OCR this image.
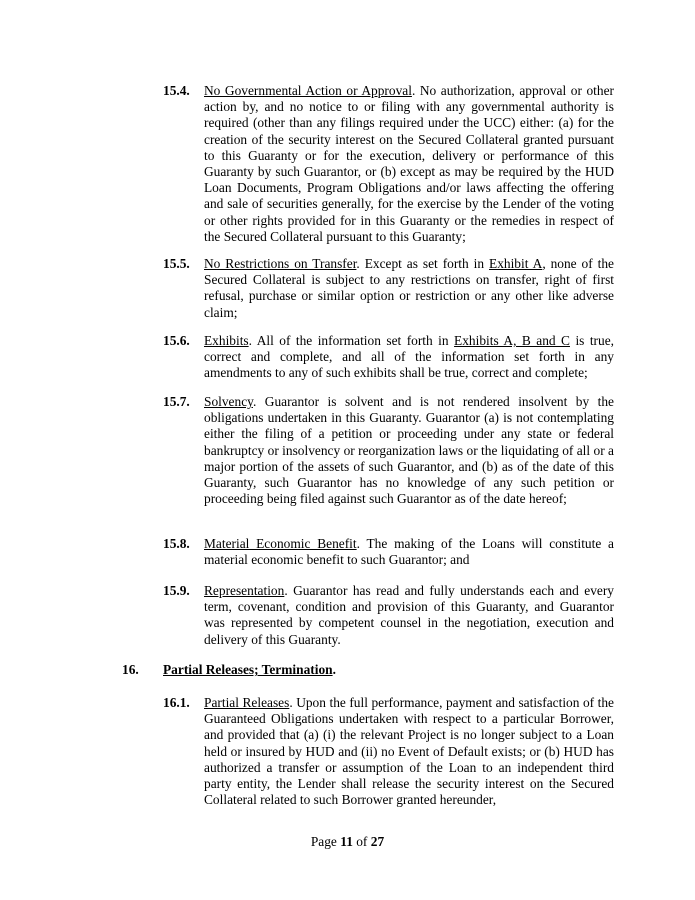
15.4. No Governmental Action or Approval. No authorization, approval or other action by, and no notice to or filing with any governmental authority is required (other than any filings required under the UCC) either: (a) for the creation of the security interest on the Secured Collateral granted pursuant to this Guaranty or for the execution, delivery or performance of this Guaranty by such Guarantor, or (b) except as may be required by the HUD Loan Documents, Program Obligations and/or laws affecting the offering and sale of securities generally, for the exercise by the Lender of the voting or other rights provided for in this Guaranty or the remedies in respect of the Secured Collateral pursuant to this Guaranty;
15.5. No Restrictions on Transfer. Except as set forth in Exhibit A, none of the Secured Collateral is subject to any restrictions on transfer, right of first refusal, purchase or similar option or restriction or any other like adverse claim;
15.6. Exhibits. All of the information set forth in Exhibits A, B and C is true, correct and complete, and all of the information set forth in any amendments to any of such exhibits shall be true, correct and complete;
15.7. Solvency. Guarantor is solvent and is not rendered insolvent by the obligations undertaken in this Guaranty. Guarantor (a) is not contemplating either the filing of a petition or proceeding under any state or federal bankruptcy or insolvency or reorganization laws or the liquidating of all or a major portion of the assets of such Guarantor, and (b) as of the date of this Guaranty, such Guarantor has no knowledge of any such petition or proceeding being filed against such Guarantor as of the date hereof;
15.8. Material Economic Benefit. The making of the Loans will constitute a material economic benefit to such Guarantor; and
15.9. Representation. Guarantor has read and fully understands each and every term, covenant, condition and provision of this Guaranty, and Guarantor was represented by competent counsel in the negotiation, execution and delivery of this Guaranty.
16. Partial Releases; Termination.
16.1. Partial Releases. Upon the full performance, payment and satisfaction of the Guaranteed Obligations undertaken with respect to a particular Borrower, and provided that (a) (i) the relevant Project is no longer subject to a Loan held or insured by HUD and (ii) no Event of Default exists; or (b) HUD has authorized a transfer or assumption of the Loan to an independent third party entity, the Lender shall release the security interest on the Secured Collateral related to such Borrower granted hereunder,
Page 11 of 27
